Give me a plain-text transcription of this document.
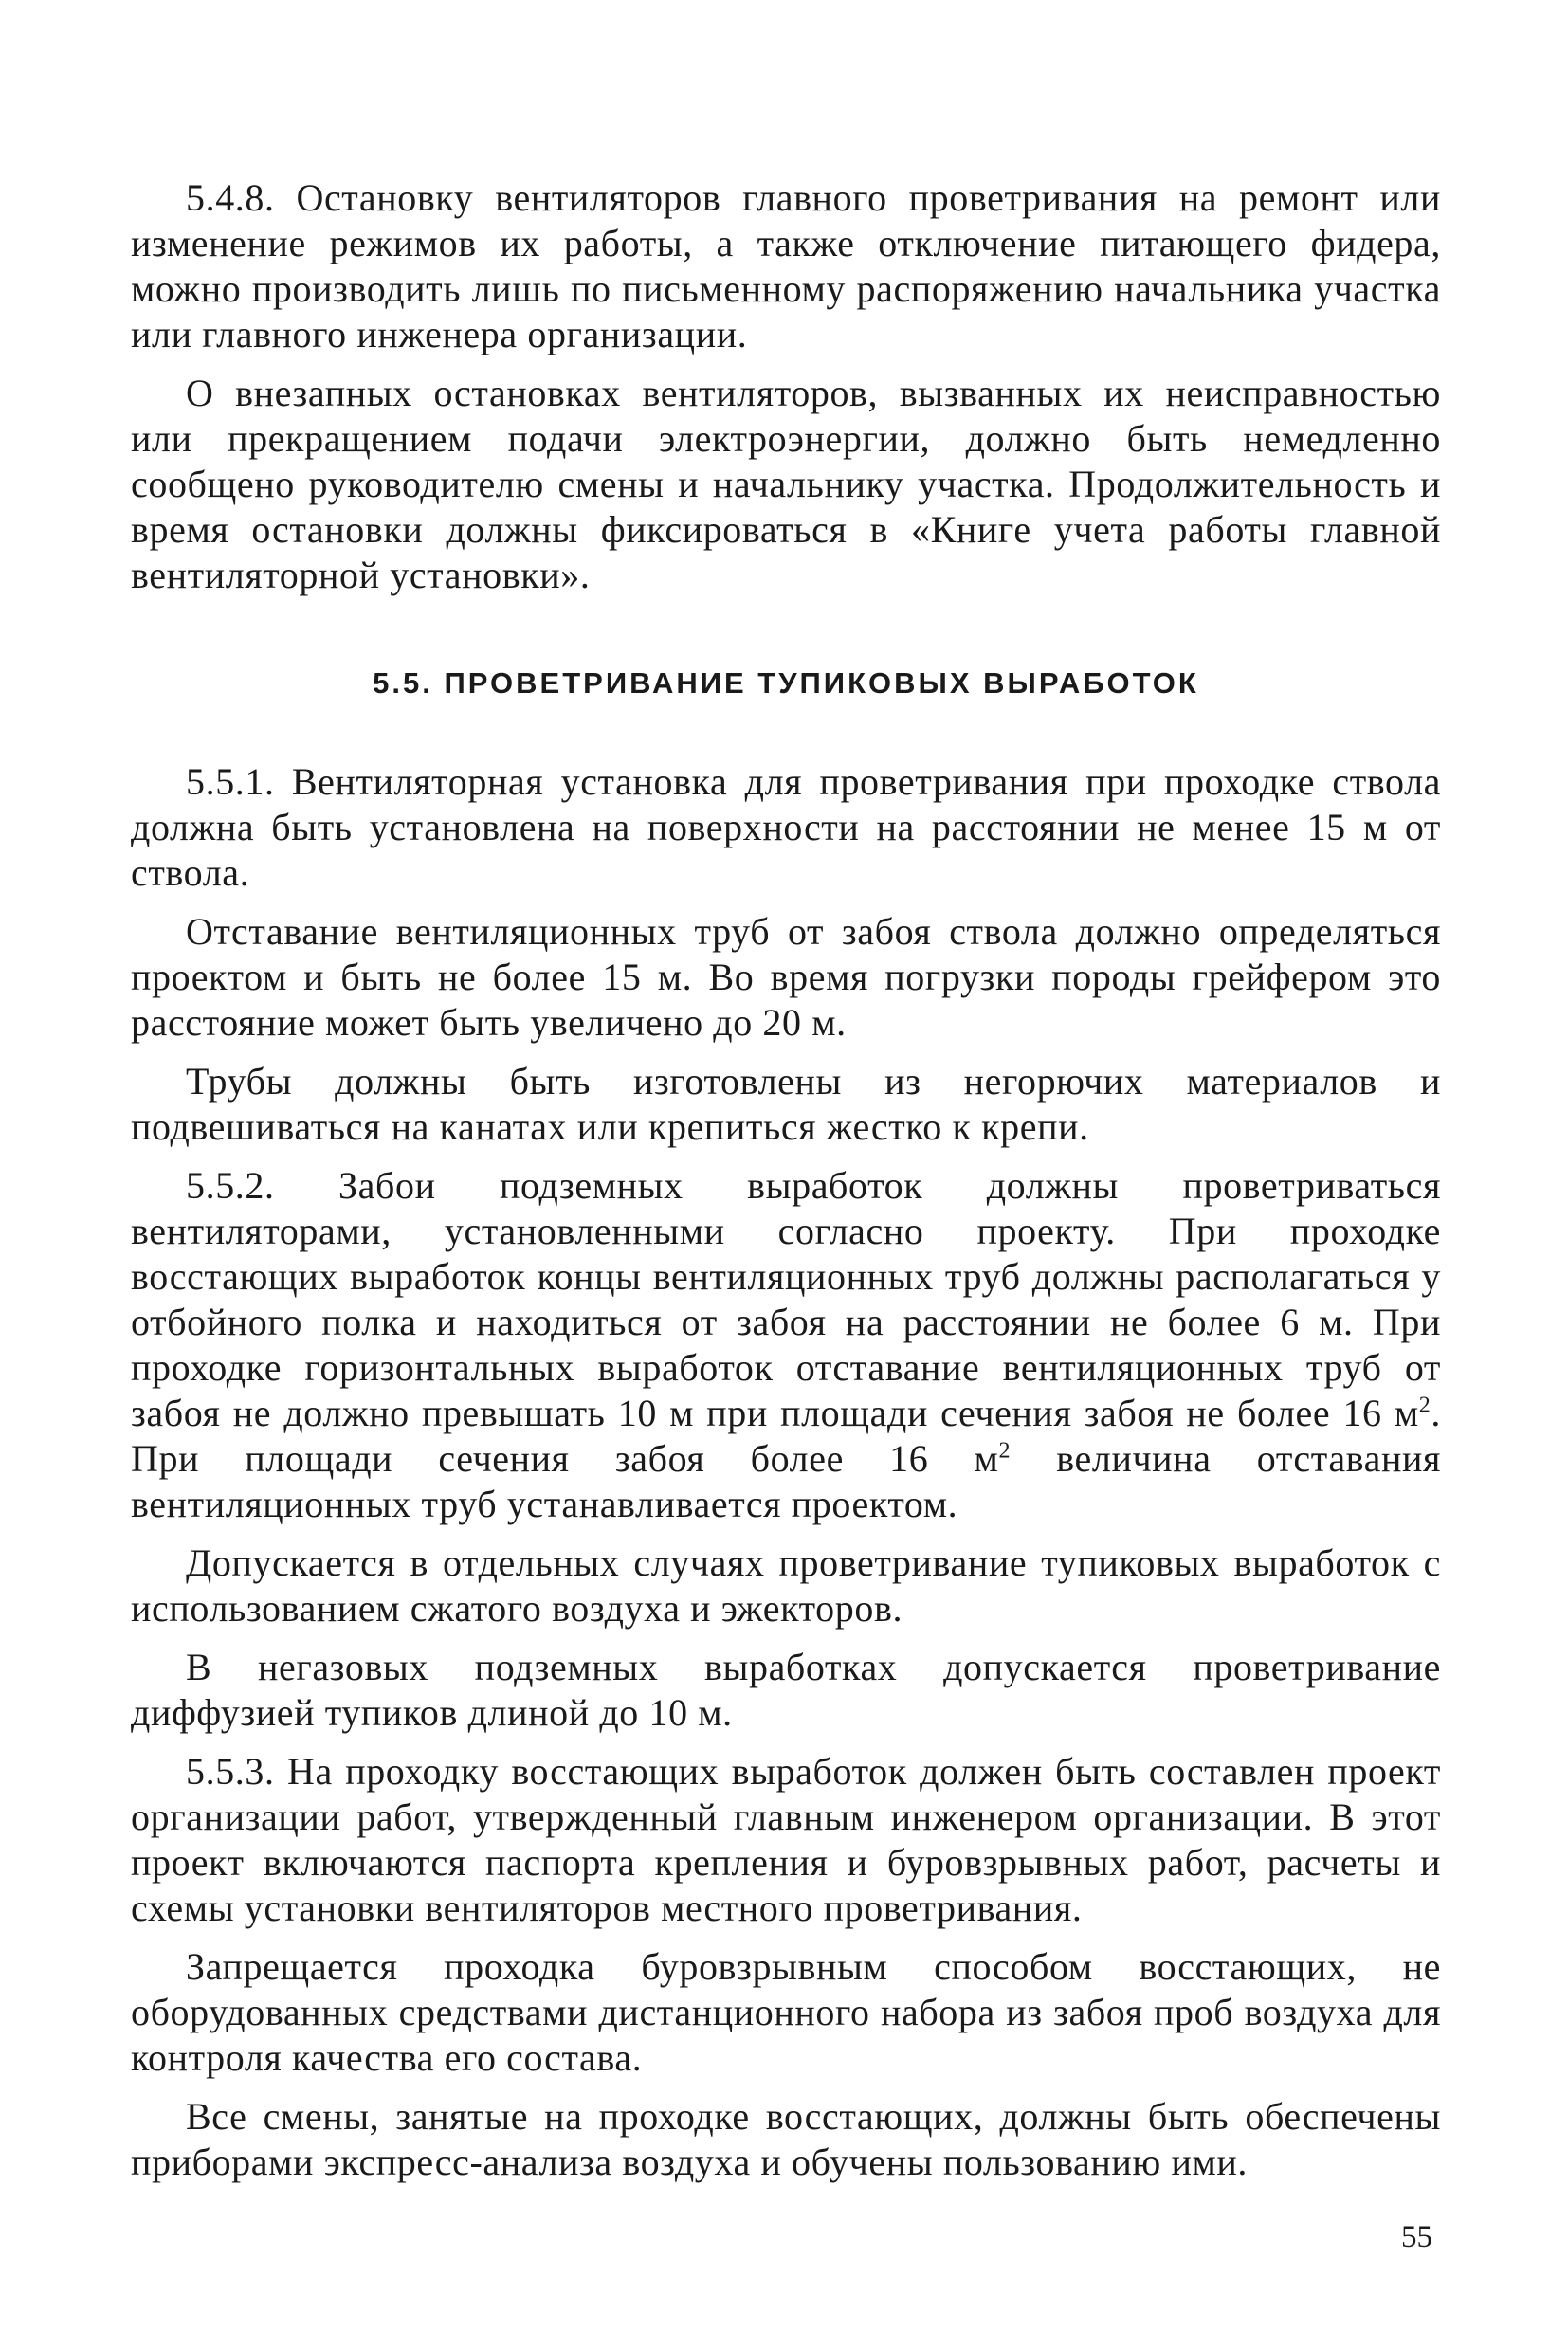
5.4.8. Остановку вентиляторов главного проветривания на ремонт или изменение режимов их работы, а также отключение питающего фидера, можно производить лишь по письменному распоряжению начальника участка или главного инженера организации.

О внезапных остановках вентиляторов, вызванных их неисправностью или прекращением подачи электроэнергии, должно быть немедленно сообщено руководителю смены и начальнику участка. Продолжительность и время остановки должны фиксироваться в «Книге учета работы главной вентиляторной установки».

5.5. ПРОВЕТРИВАНИЕ ТУПИКОВЫХ ВЫРАБОТОК

5.5.1. Вентиляторная установка для проветривания при проходке ствола должна быть установлена на поверхности на расстоянии не менее 15 м от ствола.

Отставание вентиляционных труб от забоя ствола должно определяться проектом и быть не более 15 м. Во время погрузки породы грейфером это расстояние может быть увеличено до 20 м.

Трубы должны быть изготовлены из негорючих материалов и подвешиваться на канатах или крепиться жестко к крепи.

5.5.2. Забои подземных выработок должны проветриваться вентиляторами, установленными согласно проекту. При проходке восстающих выработок концы вентиляционных труб должны располагаться у отбойного полка и находиться от забоя на расстоянии не более 6 м. При проходке горизонтальных выработок отставание вентиляционных труб от забоя не должно превышать 10 м при площади сечения забоя не более 16 $м^2$. При площади сечения забоя более 16 $м^2$ величина отставания вентиляционных труб устанавливается проектом.

Допускается в отдельных случаях проветривание тупиковых выработок с использованием сжатого воздуха и эжекторов.

В негазовых подземных выработках допускается проветривание диффузией тупиков длиной до 10 м.

5.5.3. На проходку восстающих выработок должен быть составлен проект организации работ, утвержденный главным инженером организации. В этот проект включаются паспорта крепления и буровзрывных работ, расчеты и схемы установки вентиляторов местного проветривания.

Запрещается проходка буровзрывным способом восстающих, не оборудованных средствами дистанционного набора из забоя проб воздуха для контроля качества его состава.

Все смены, занятые на проходке восстающих, должны быть обеспечены приборами экспресс-анализа воздуха и обучены пользованию ими.

55
